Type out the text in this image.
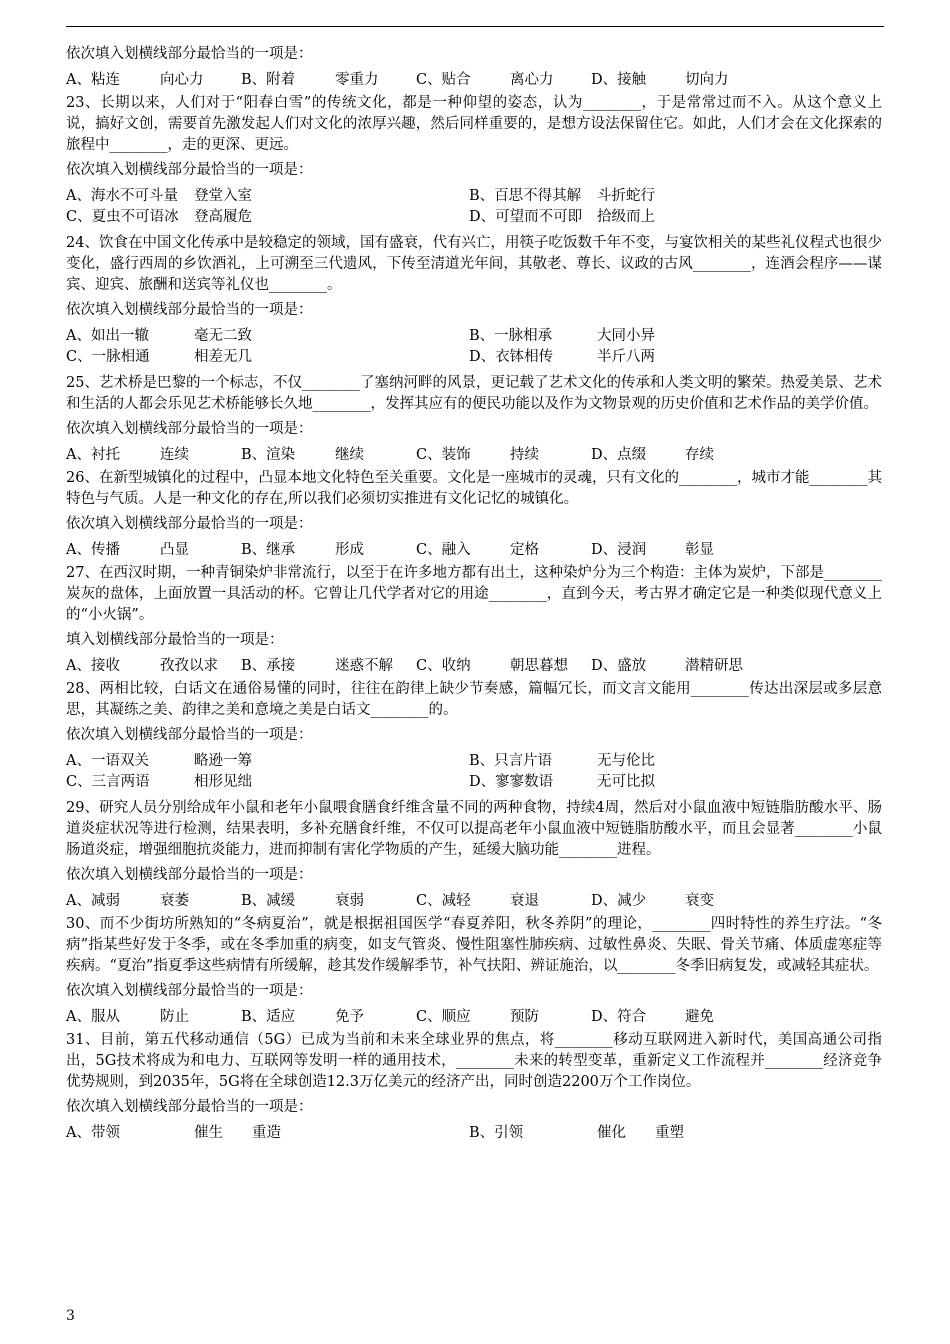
依次填入划横线部分最恰当的一项是：
A、粘连	向心力	B、附着	零重力	C、贴合	离心力	D、接触	切向力
23、长期以来，人们对于“阳春白雪”的传统文化，都是一种仰望的姿态，认为________，于是常常过而不入。从这个意义上说，搞好文创，需要首先激发起人们对文化的浓厚兴趣，然后同样重要的，是想方设法保留住它。如此，人们才会在文化探索的旅程中________，走的更深、更远。
依次填入划横线部分最恰当的一项是：
A、海水不可斗量	登堂入室	B、百思不得其解	斗折蛇行
C、夏虫不可语冰	登高履危	D、可望而不可即	拾级而上
24、饮食在中国文化传承中是较稳定的领域，国有盛衰，代有兴亡，用筷子吃饭数千年不变，与宴饮相关的某些礼仪程式也很少变化，盛行西周的乡饮酒礼，上可溯至三代遗风，下传至清道光年间，其敬老、尊长、议政的古风________，连酒会程序——谋宾、迎宾、旅酬和送宾等礼仪也________。
依次填入划横线部分最恰当的一项是：
A、如出一辙	毫无二致	B、一脉相承	大同小异
C、一脉相通	相差无几	D、衣钵相传	半斤八两
25、艺术桥是巴黎的一个标志，不仅________了塞纳河畔的风景，更记载了艺术文化的传承和人类文明的繁荣。热爱美景、艺术和生活的人都会乐见艺术桥能够长久地________，发挥其应有的便民功能以及作为文物景观的历史价值和艺术作品的美学价值。
依次填入划横线部分最恰当的一项是：
A、衬托	连续	B、渲染	继续	C、装饰	持续	D、点缀	存续
26、在新型城镇化的过程中，凸显本地文化特色至关重要。文化是一座城市的灵魂，只有文化的________，城市才能________其特色与气质。人是一种文化的存在,所以我们必须切实推进有文化记忆的城镇化。
依次填入划横线部分最恰当的一项是：
A、传播	凸显	B、继承	形成	C、融入	定格	D、浸润	彰显
27、在西汉时期，一种青铜染炉非常流行，以至于在许多地方都有出土，这种染炉分为三个构造：主体为炭炉，下部是________炭灰的盘体，上面放置一具活动的杯。它曾让几代学者对它的用途________，直到今天，考古界才确定它是一种类似现代意义上的“小火锅”。
填入划横线部分最恰当的一项是：
A、接收	孜孜以求 B、承接	迷惑不解 C、收纳	朝思暮想 D、盛放	潜精研思
28、两相比较，白话文在通俗易懂的同时，往往在韵律上缺少节奏感，篇幅冗长，而文言文能用________传达出深层或多层意思，其凝练之美、韵律之美和意境之美是白话文________的。
依次填入划横线部分最恰当的一项是：
A、一语双关	略逊一筹	B、只言片语	无与伦比
C、三言两语	相形见绌	D、寥寥数语	无可比拟
29、研究人员分别给成年小鼠和老年小鼠喂食膳食纤维含量不同的两种食物，持续4周，然后对小鼠血液中短链脂肪酸水平、肠道炎症状况等进行检测，结果表明，多补充膳食纤维，不仅可以提高老年小鼠血液中短链脂肪酸水平，而且会显著________小鼠肠道炎症，增强细胞抗炎能力，进而抑制有害化学物质的产生，延缓大脑功能________进程。
依次填入划横线部分最恰当的一项是：
A、减弱	衰萎	B、减缓	衰弱	C、减轻	衰退	D、减少	衰变
30、而不少街坊所熟知的“冬病夏治”，就是根据祖国医学“春夏养阳，秋冬养阴”的理论，________四时特性的养生疗法。“冬病”指某些好发于冬季，或在冬季加重的病变，如支气管炎、慢性阻塞性肺疾病、过敏性鼻炎、失眠、骨关节痛、体质虚寒症等疾病。“夏治”指夏季这些病情有所缓解，趁其发作缓解季节，补气扶阳、辨证施治，以________冬季旧病复发，或减轻其症状。
依次填入划横线部分最恰当的一项是：
A、服从	防止	B、适应	免予	C、顺应	预防	D、符合	避免
31、目前，第五代移动通信（5G）已成为当前和未来全球业界的焦点，将________移动互联网进入新时代，美国高通公司指出，5G技术将成为和电力、互联网等发明一样的通用技术，________未来的转型变革，重新定义工作流程并________经济竞争优势规则，到2035年，5G将在全球创造12.3万亿美元的经济产出，同时创造2200万个工作岗位。
依次填入划横线部分最恰当的一项是：
A、带领	催生　　重造	B、引领	催化　　重塑
3
